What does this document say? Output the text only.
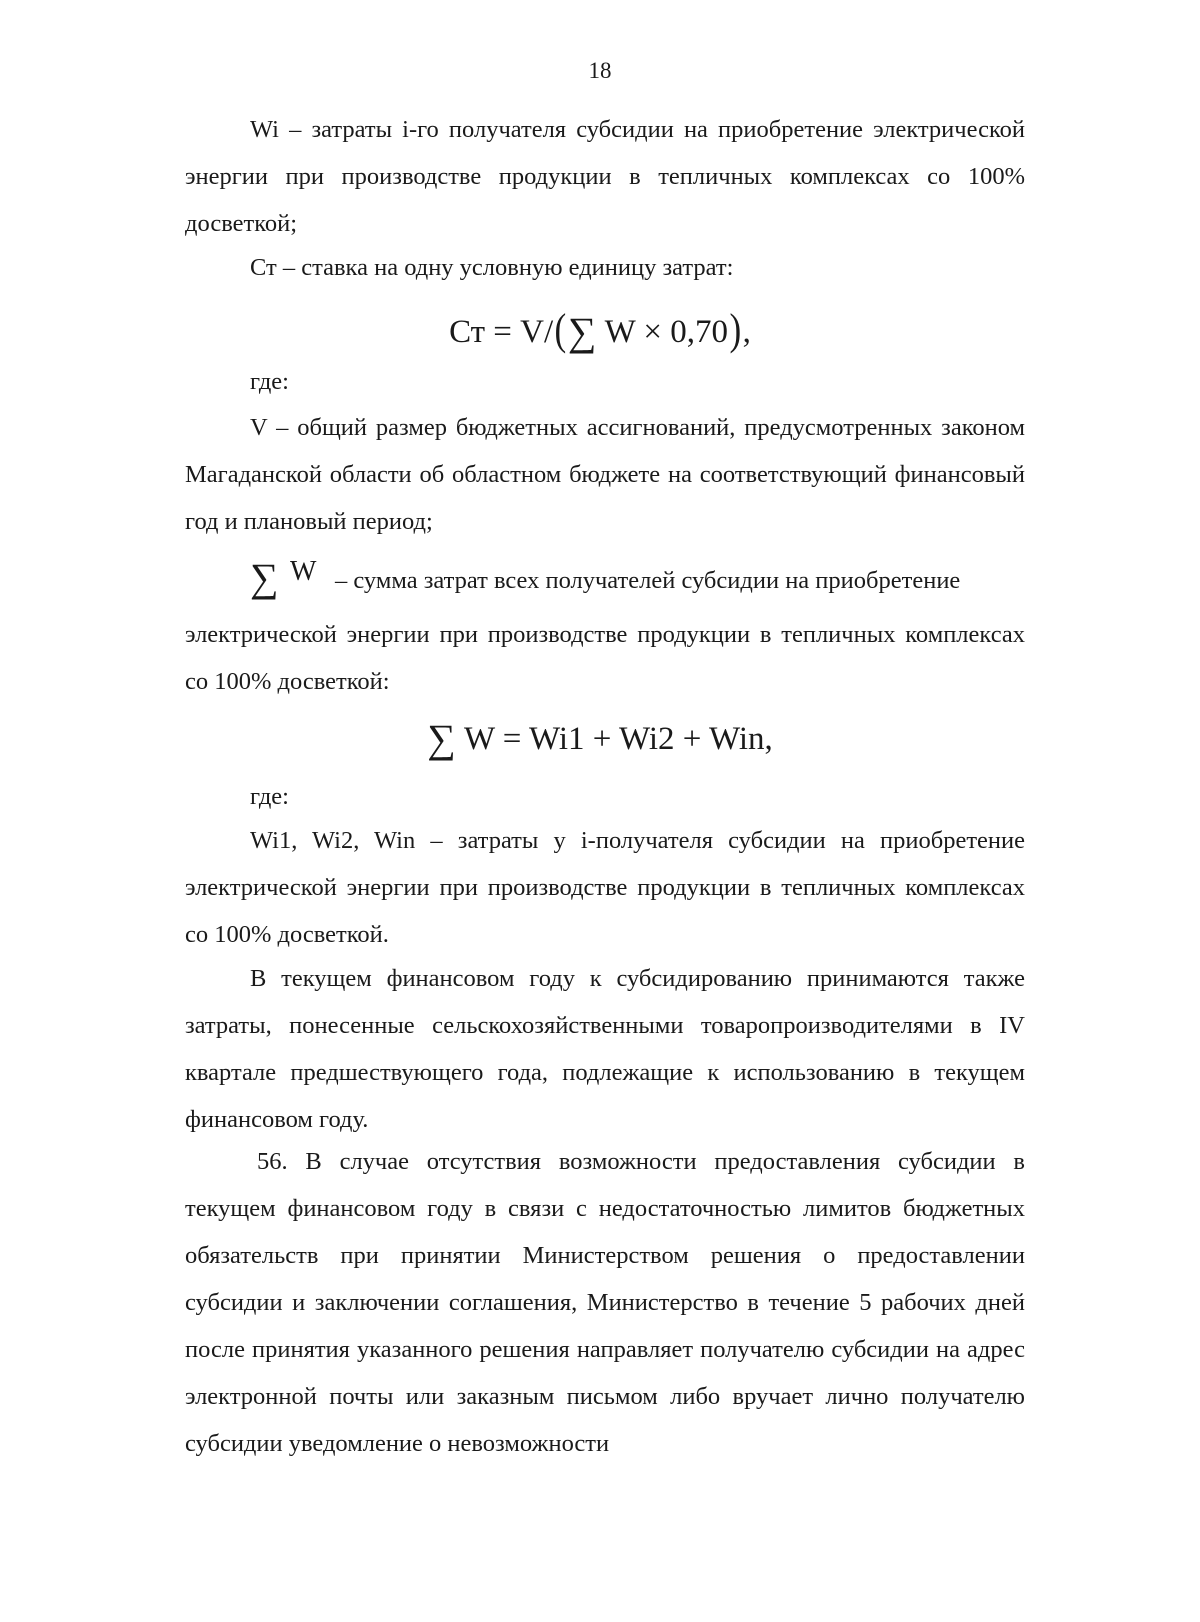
18

Wi – затраты i-го получателя субсидии на приобретение электрической энергии при производстве продукции в тепличных комплексах со 100% досветкой;

Ст – ставка на одну условную единицу затрат:

Ст = V/(∑ W × 0,70),
где:

V – общий размер бюджетных ассигнований, предусмотренных законом Магаданской области об областном бюджете на соответствующий финансовый год и плановый период;

∑ W – сумма затрат всех получателей субсидии на приобретение

электрической энергии при производстве продукции в тепличных комплексах со 100% досветкой:

∑ W = Wi1 + Wi2 + Win,
где:

Wi1, Wi2, Win – затраты у i-получателя субсидии на приобретение электрической энергии при производстве продукции в тепличных комплексах со 100% досветкой.

В текущем финансовом году к субсидированию принимаются также затраты, понесенные сельскохозяйственными товаропроизводителями в IV квартале предшествующего года, подлежащие к использованию в текущем финансовом году.

56. В случае отсутствия возможности предоставления субсидии в текущем финансовом году в связи с недостаточностью лимитов бюджетных обязательств при принятии Министерством решения о предоставлении субсидии и заключении соглашения, Министерство в течение 5 рабочих дней после принятия указанного решения направляет получателю субсидии на адрес электронной почты или заказным письмом либо вручает лично получателю субсидии уведомление о невозможности
